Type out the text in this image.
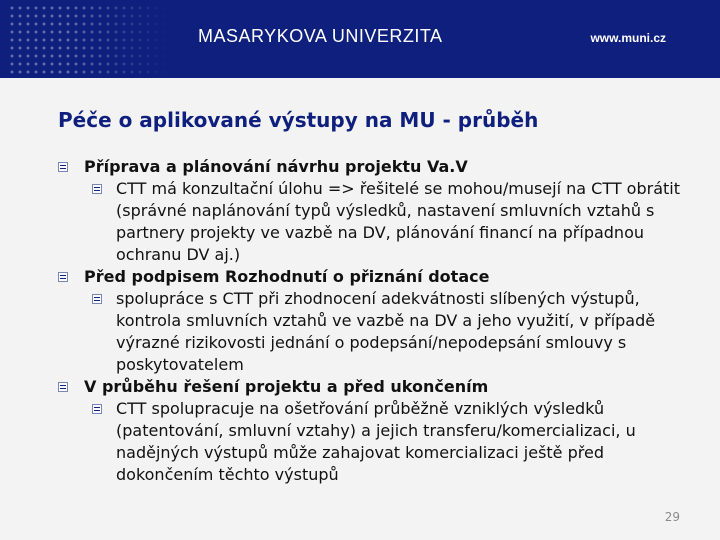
MASARYKOVA UNIVERZITA	www.muni.cz
Péče o aplikované výstupy na MU - průběh
Příprava a plánování návrhu projektu Va.V
CTT má konzultační úlohu => řešitelé se mohou/musejí na CTT obrátit (správné naplánování typů výsledků, nastavení smluvních vztahů s partnery projekty ve vazbě na DV, plánování financí na případnou ochranu DV aj.)
Před podpisem Rozhodnutí o přiznání dotace
spolupráce s CTT při zhodnocení adekvátnosti slíbených výstupů, kontrola smluvních vztahů ve vazbě na DV a jeho využití, v případě výrazné rizikovosti jednání o podepsání/nepodepsání smlouvy s poskytovatelem
V průběhu řešení projektu a před ukončením
CTT spolupracuje na ošetřování průběžně vzniklých výsledků (patentování, smluvní vztahy) a jejich transferu/komercializaci, u nadějných výstupů může zahajovat komercializaci ještě před dokončením těchto výstupů
29
